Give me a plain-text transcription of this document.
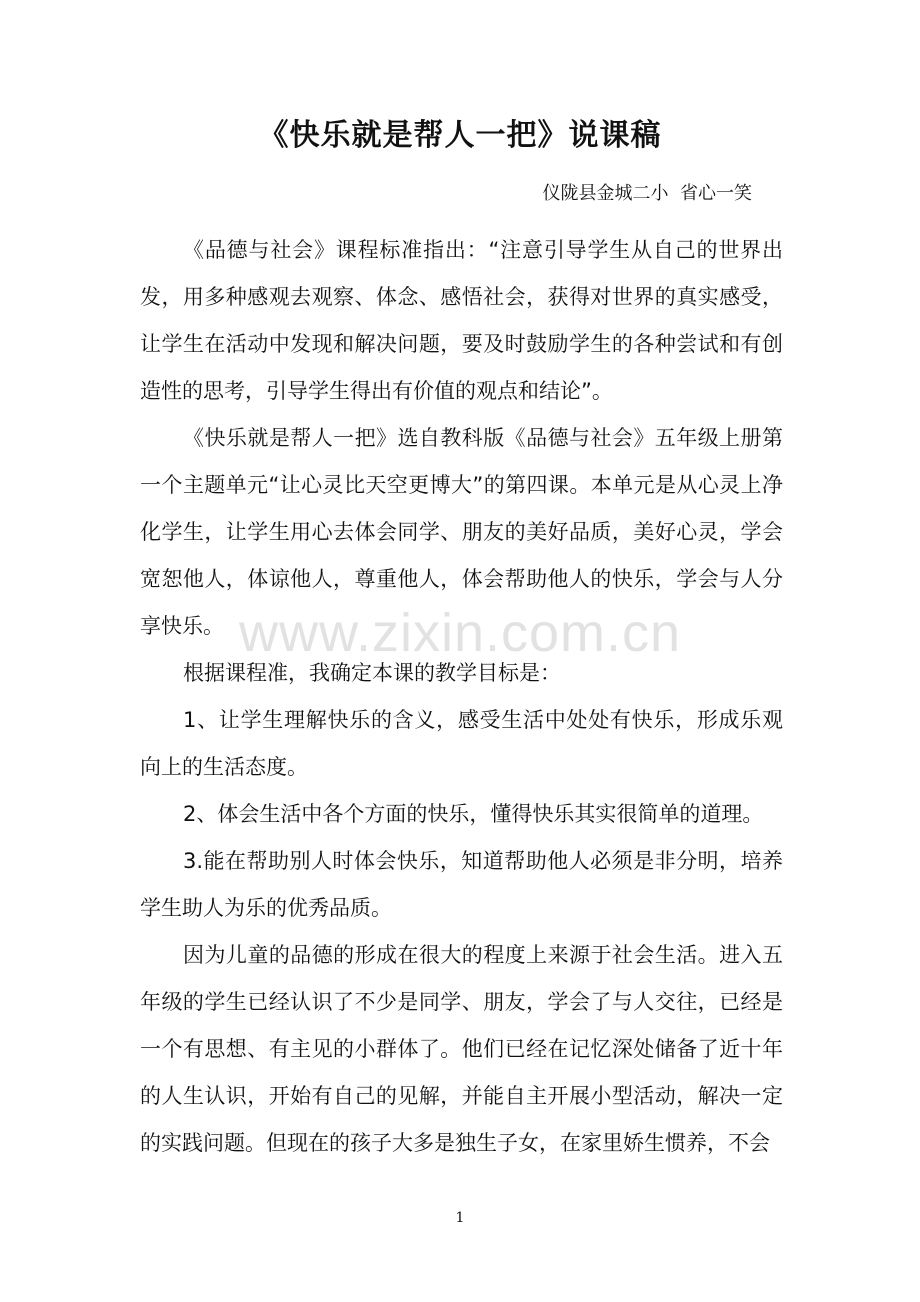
《快乐就是帮人一把》说课稿
仪陇县金城二小  省心一笑

《品德与社会》课程标准指出：“注意引导学生从自己的世界出发，用多种感观去观察、体念、感悟社会，获得对世界的真实感受，让学生在活动中发现和解决问题，要及时鼓励学生的各种尝试和有创造性的思考，引导学生得出有价值的观点和结论”。

《快乐就是帮人一把》选自教科版《品德与社会》五年级上册第一个主题单元“让心灵比天空更博大”的第四课。本单元是从心灵上净化学生，让学生用心去体会同学、朋友的美好品质，美好心灵，学会宽恕他人，体谅他人，尊重他人，体会帮助他人的快乐，学会与人分享快乐。

根据课程准，我确定本课的教学目标是：

1、让学生理解快乐的含义，感受生活中处处有快乐，形成乐观向上的生活态度。

2、体会生活中各个方面的快乐，懂得快乐其实很简单的道理。

3.能在帮助别人时体会快乐，知道帮助他人必须是非分明，培养学生助人为乐的优秀品质。

因为儿童的品德的形成在很大的程度上来源于社会生活。进入五年级的学生已经认识了不少是同学、朋友，学会了与人交往，已经是一个有思想、有主见的小群体了。他们已经在记忆深处储备了近十年的人生认识，开始有自己的见解，并能自主开展小型活动，解决一定的实践问题。但现在的孩子大多是独生子女，在家里娇生惯养，不会

www.zixin.com.cn
1
